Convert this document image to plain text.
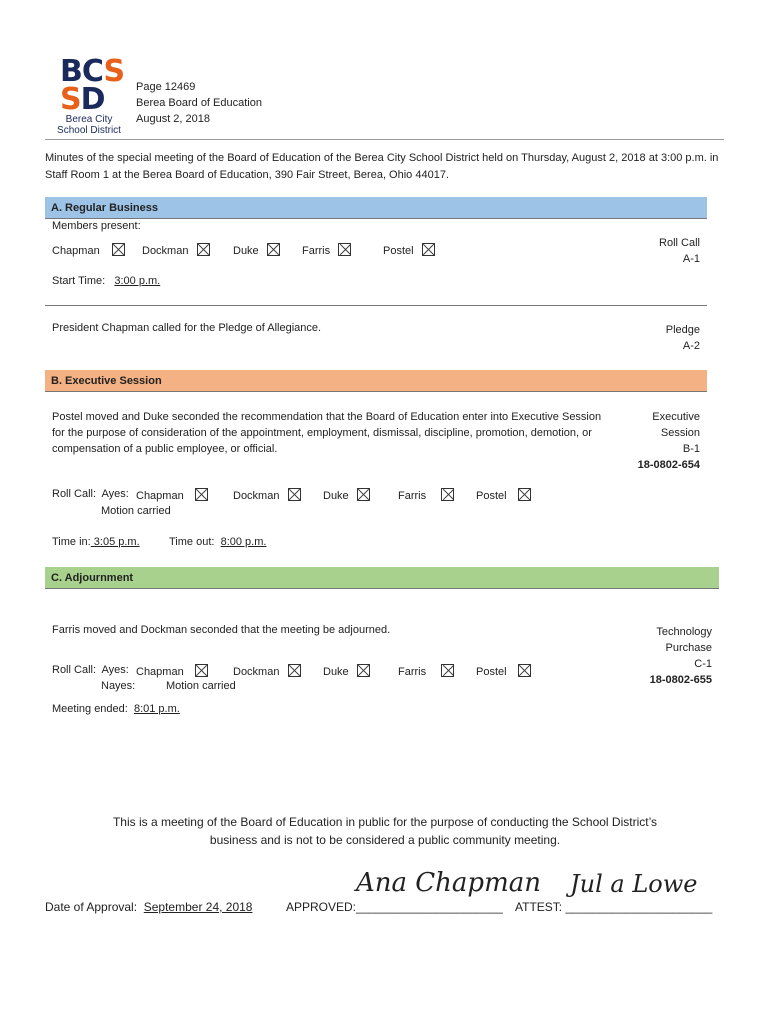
BCS
SD
Berea City
School District
Page 12469
Berea Board of Education
August 2, 2018
Minutes of the special meeting of the Board of Education of the Berea City School District held on Thursday, August 2, 2018 at 3:00 p.m. in Staff Room 1 at the Berea Board of Education, 390 Fair Street, Berea, Ohio 44017.
A. Regular Business
Members present:
Chapman	Dockman	Duke	Farris	Postel
Roll Call
A-1
Start Time: 3:00 p.m.
President Chapman called for the Pledge of Allegiance.	Pledge
A-2
B. Executive Session
Postel moved and Duke seconded the recommendation that the Board of Education enter into Executive Session for the purpose of consideration of the appointment, employment, dismissal, discipline, promotion, demotion, or compensation of a public employee, or official.
Executive
Session
B-1
18-0802-654
Roll Call: Ayes: Chapman	Dockman	Duke	Farris	Postel
Motion carried
Time in: 3:05 p.m.	Time out: 8:00 p.m.
C. Adjournment
Farris moved and Dockman seconded that the meeting be adjourned.	Technology
Purchase
C-1
18-0802-655
Roll Call: Ayes: Chapman	Dockman	Duke	Farris	Postel
Nayes:	Motion carried
Meeting ended: 8:01 p.m.
This is a meeting of the Board of Education in public for the purpose of conducting the School District’s business and is not to be considered a public community meeting.
Date of Approval: September 24, 2018	APPROVED:______________________
Ana Chapman
ATTEST: ______________________
Jul a Lowe
